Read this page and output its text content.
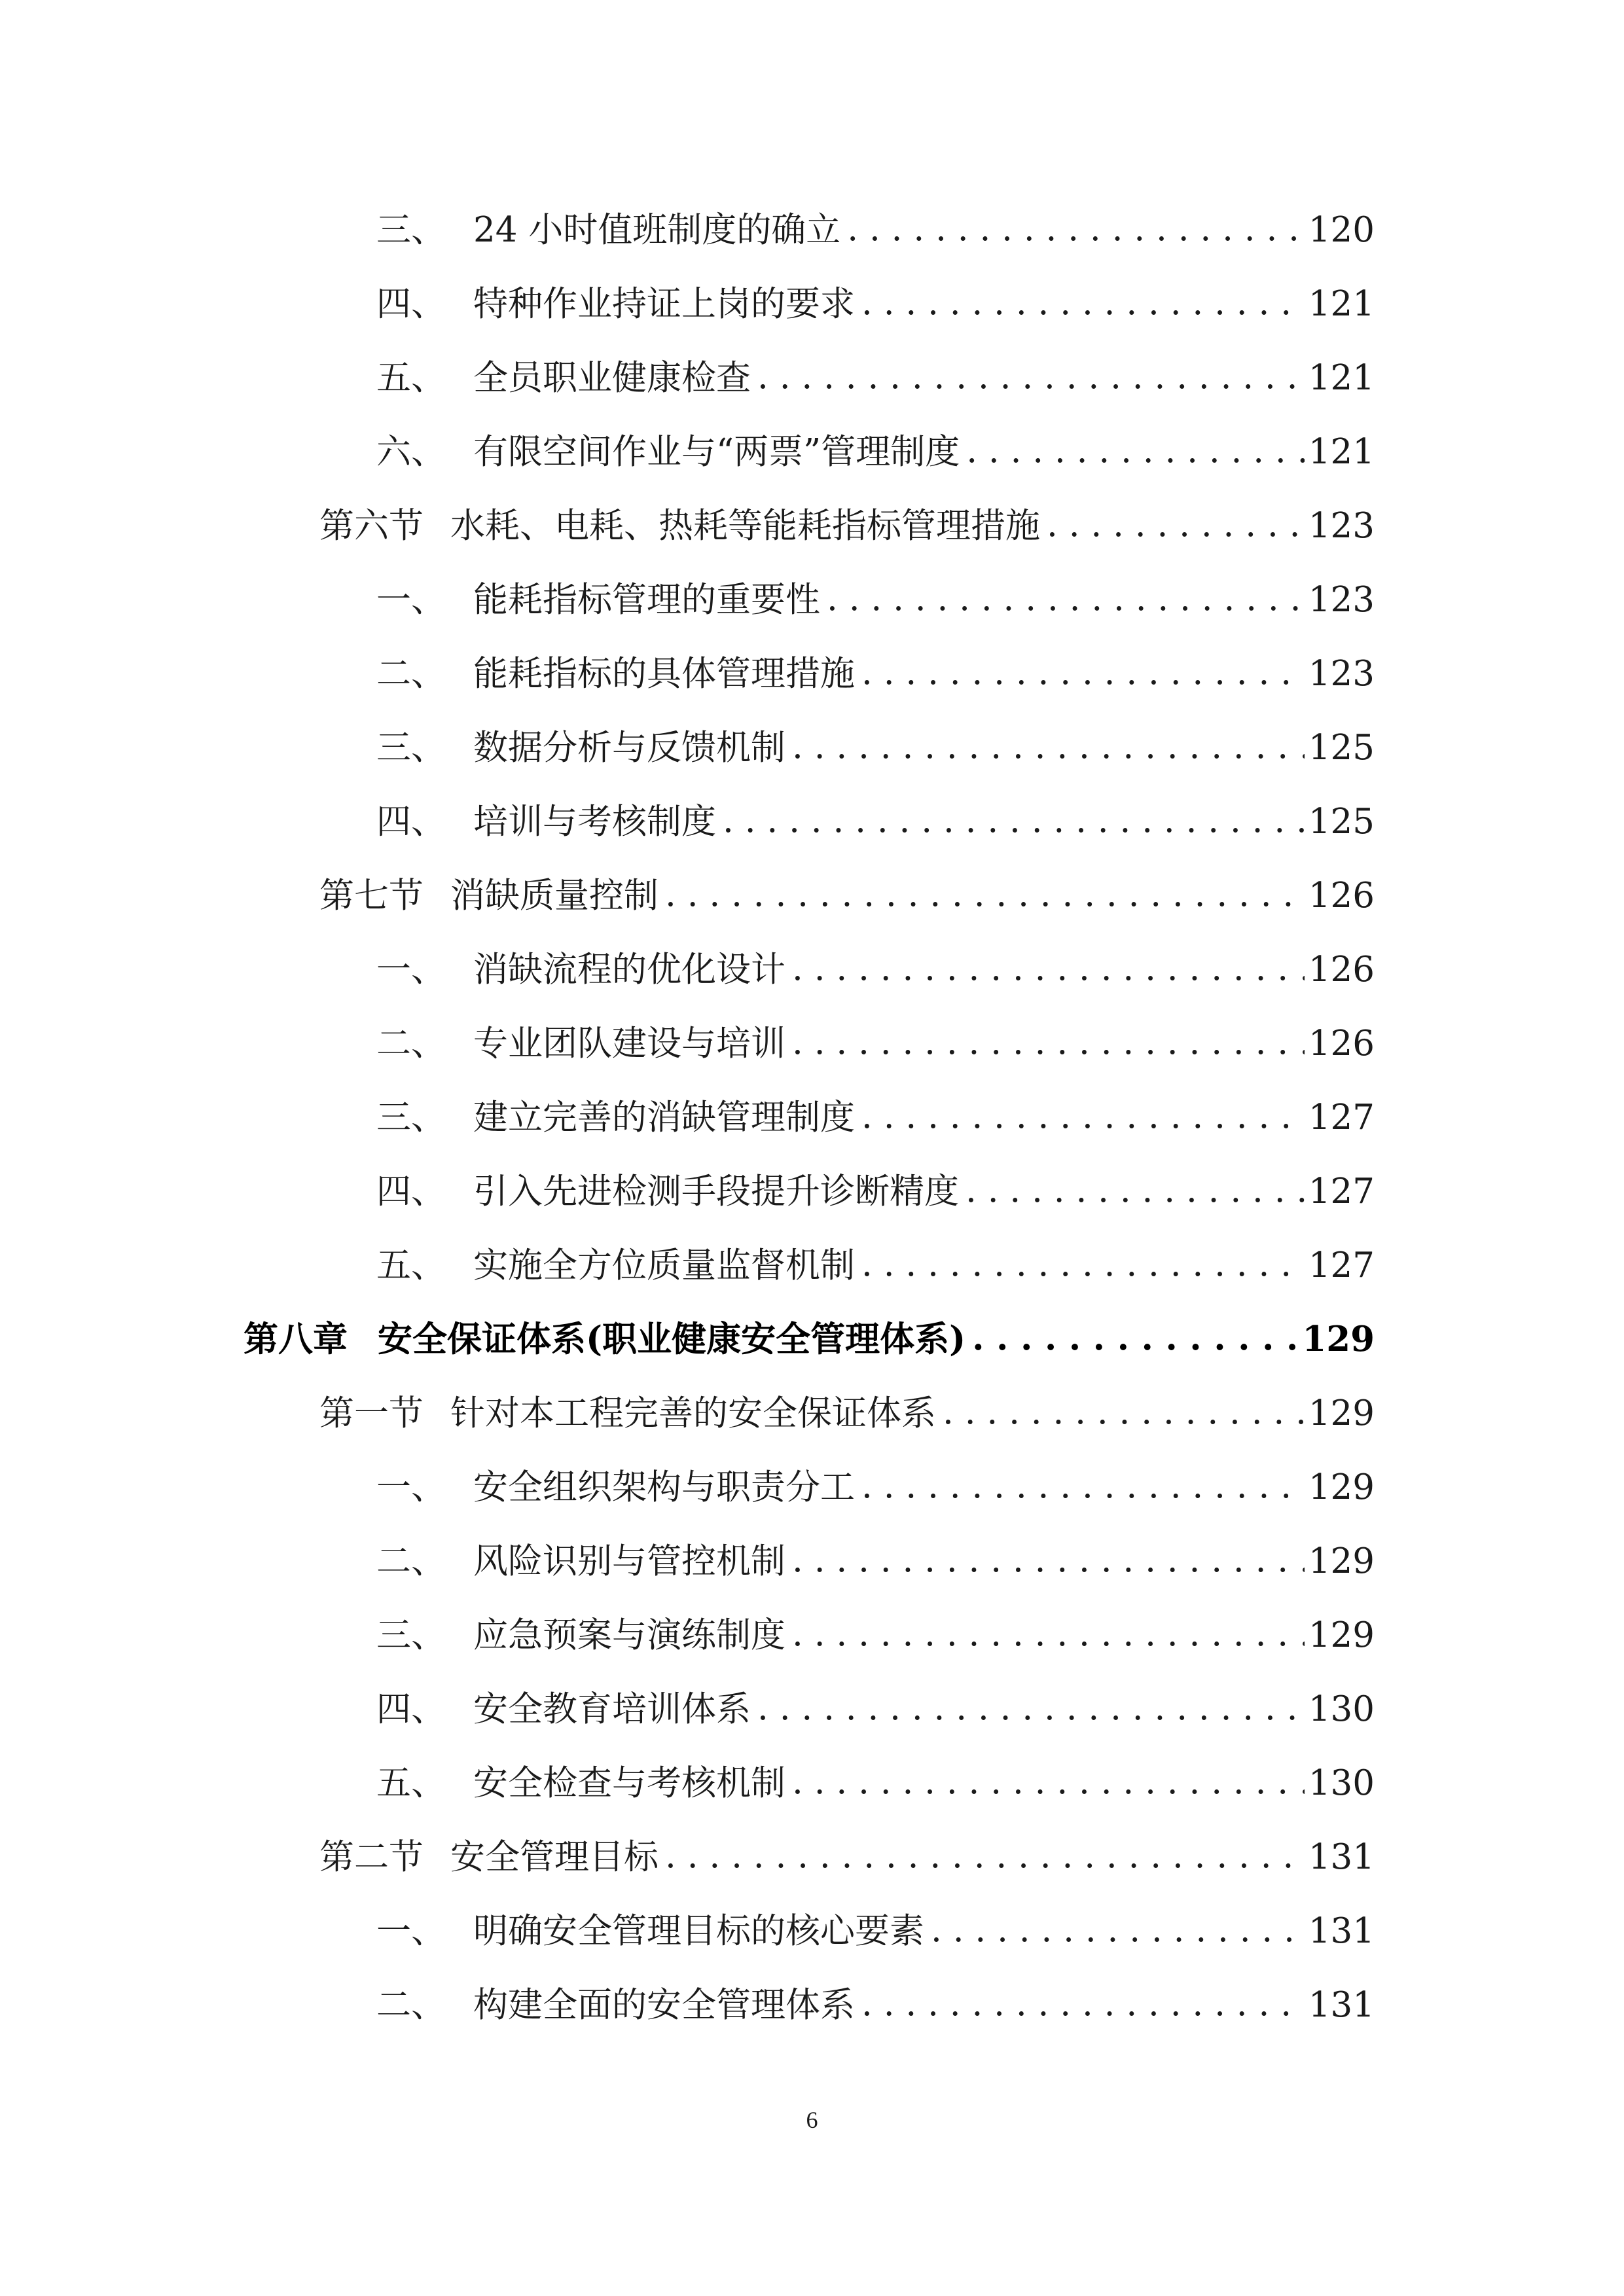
三、 24 小时值班制度的确立 . . .	120
四、 特种作业持证上岗的要求 . . .	121
五、 全员职业健康检查 . . .	121
六、 有限空间作业与“两票”管理制度 . . .	121
第六节 水耗、电耗、热耗等能耗指标管理措施 . . .	123
一、 能耗指标管理的重要性 . . .	123
二、 能耗指标的具体管理措施 . . .	123
三、 数据分析与反馈机制 . . .	125
四、 培训与考核制度 . . .	125
第七节 消缺质量控制 . . .	126
一、 消缺流程的优化设计 . . .	126
二、 专业团队建设与培训 . . .	126
三、 建立完善的消缺管理制度 . . .	127
四、 引入先进检测手段提升诊断精度 . . .	127
五、 实施全方位质量监督机制 . . .	127
第八章 安全保证体系(职业健康安全管理体系) . . .	129
第一节 针对本工程完善的安全保证体系 . . .	129
一、 安全组织架构与职责分工 . . .	129
二、 风险识别与管控机制 . . .	129
三、 应急预案与演练制度 . . .	129
四、 安全教育培训体系 . . .	130
五、 安全检查与考核机制 . . .	130
第二节 安全管理目标 . . .	131
一、 明确安全管理目标的核心要素 . . .	131
二、 构建全面的安全管理体系 . . .	131
6
